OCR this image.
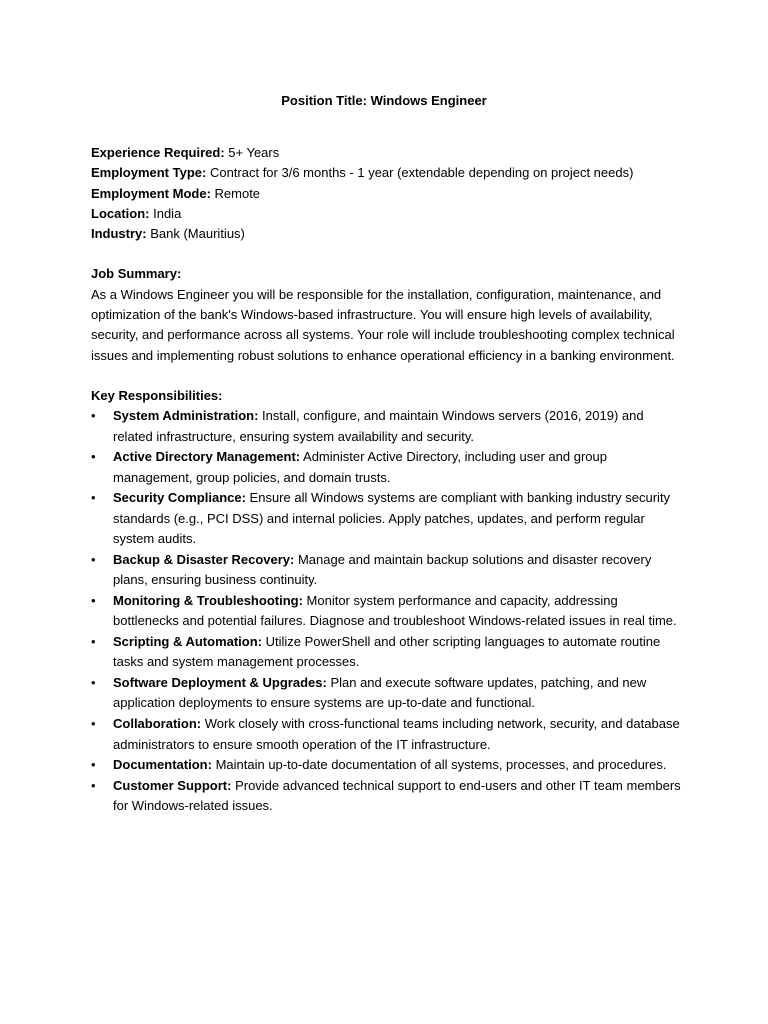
Position Title: Windows Engineer
Experience Required: 5+ Years
Employment Type: Contract for 3/6 months - 1 year (extendable depending on project needs)
Employment Mode: Remote
Location: India
Industry: Bank (Mauritius)
Job Summary:

As a Windows Engineer you will be responsible for the installation, configuration, maintenance, and optimization of the bank's Windows-based infrastructure. You will ensure high levels of availability, security, and performance across all systems. Your role will include troubleshooting complex technical issues and implementing robust solutions to enhance operational efficiency in a banking environment.

Key Responsibilities:
• System Administration: Install, configure, and maintain Windows servers (2016, 2019) and related infrastructure, ensuring system availability and security.
• Active Directory Management: Administer Active Directory, including user and group management, group policies, and domain trusts.
• Security Compliance: Ensure all Windows systems are compliant with banking industry security standards (e.g., PCI DSS) and internal policies. Apply patches, updates, and perform regular system audits.
• Backup & Disaster Recovery: Manage and maintain backup solutions and disaster recovery plans, ensuring business continuity.
• Monitoring & Troubleshooting: Monitor system performance and capacity, addressing bottlenecks and potential failures. Diagnose and troubleshoot Windows-related issues in real time.
• Scripting & Automation: Utilize PowerShell and other scripting languages to automate routine tasks and system management processes.
• Software Deployment & Upgrades: Plan and execute software updates, patching, and new application deployments to ensure systems are up-to-date and functional.
• Collaboration: Work closely with cross-functional teams including network, security, and database administrators to ensure smooth operation of the IT infrastructure.
• Documentation: Maintain up-to-date documentation of all systems, processes, and procedures.
• Customer Support: Provide advanced technical support to end-users and other IT team members for Windows-related issues.
